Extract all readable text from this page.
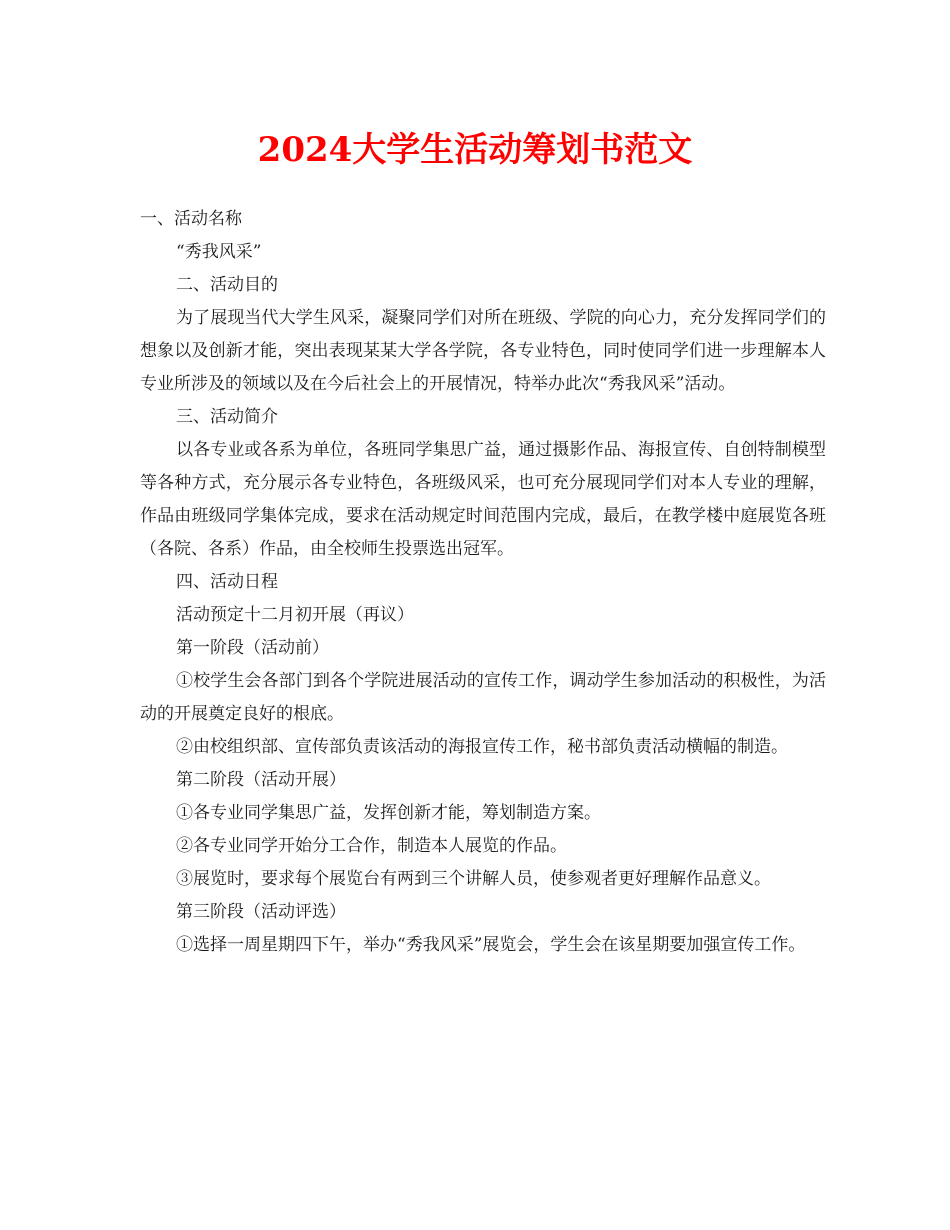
2024大学生活动筹划书范文

一、活动名称

“秀我风采”

二、活动目的

为了展现当代大学生风采，凝聚同学们对所在班级、学院的向心力，充分发挥同学们的想象以及创新才能，突出表现某某大学各学院，各专业特色，同时使同学们进一步理解本人专业所涉及的领域以及在今后社会上的开展情况，特举办此次“秀我风采”活动。

三、活动简介

以各专业或各系为单位，各班同学集思广益，通过摄影作品、海报宣传、自创特制模型等各种方式，充分展示各专业特色，各班级风采，也可充分展现同学们对本人专业的理解，作品由班级同学集体完成，要求在活动规定时间范围内完成，最后，在教学楼中庭展览各班（各院、各系）作品，由全校师生投票选出冠军。

四、活动日程

活动预定十二月初开展（再议）

第一阶段（活动前）

①校学生会各部门到各个学院进展活动的宣传工作，调动学生参加活动的积极性，为活动的开展奠定良好的根底。

②由校组织部、宣传部负责该活动的海报宣传工作，秘书部负责活动横幅的制造。

第二阶段（活动开展）

①各专业同学集思广益，发挥创新才能，筹划制造方案。

②各专业同学开始分工合作，制造本人展览的作品。

③展览时，要求每个展览台有两到三个讲解人员，使参观者更好理解作品意义。

第三阶段（活动评选）

①选择一周星期四下午，举办“秀我风采”展览会，学生会在该星期要加强宣传工作。
